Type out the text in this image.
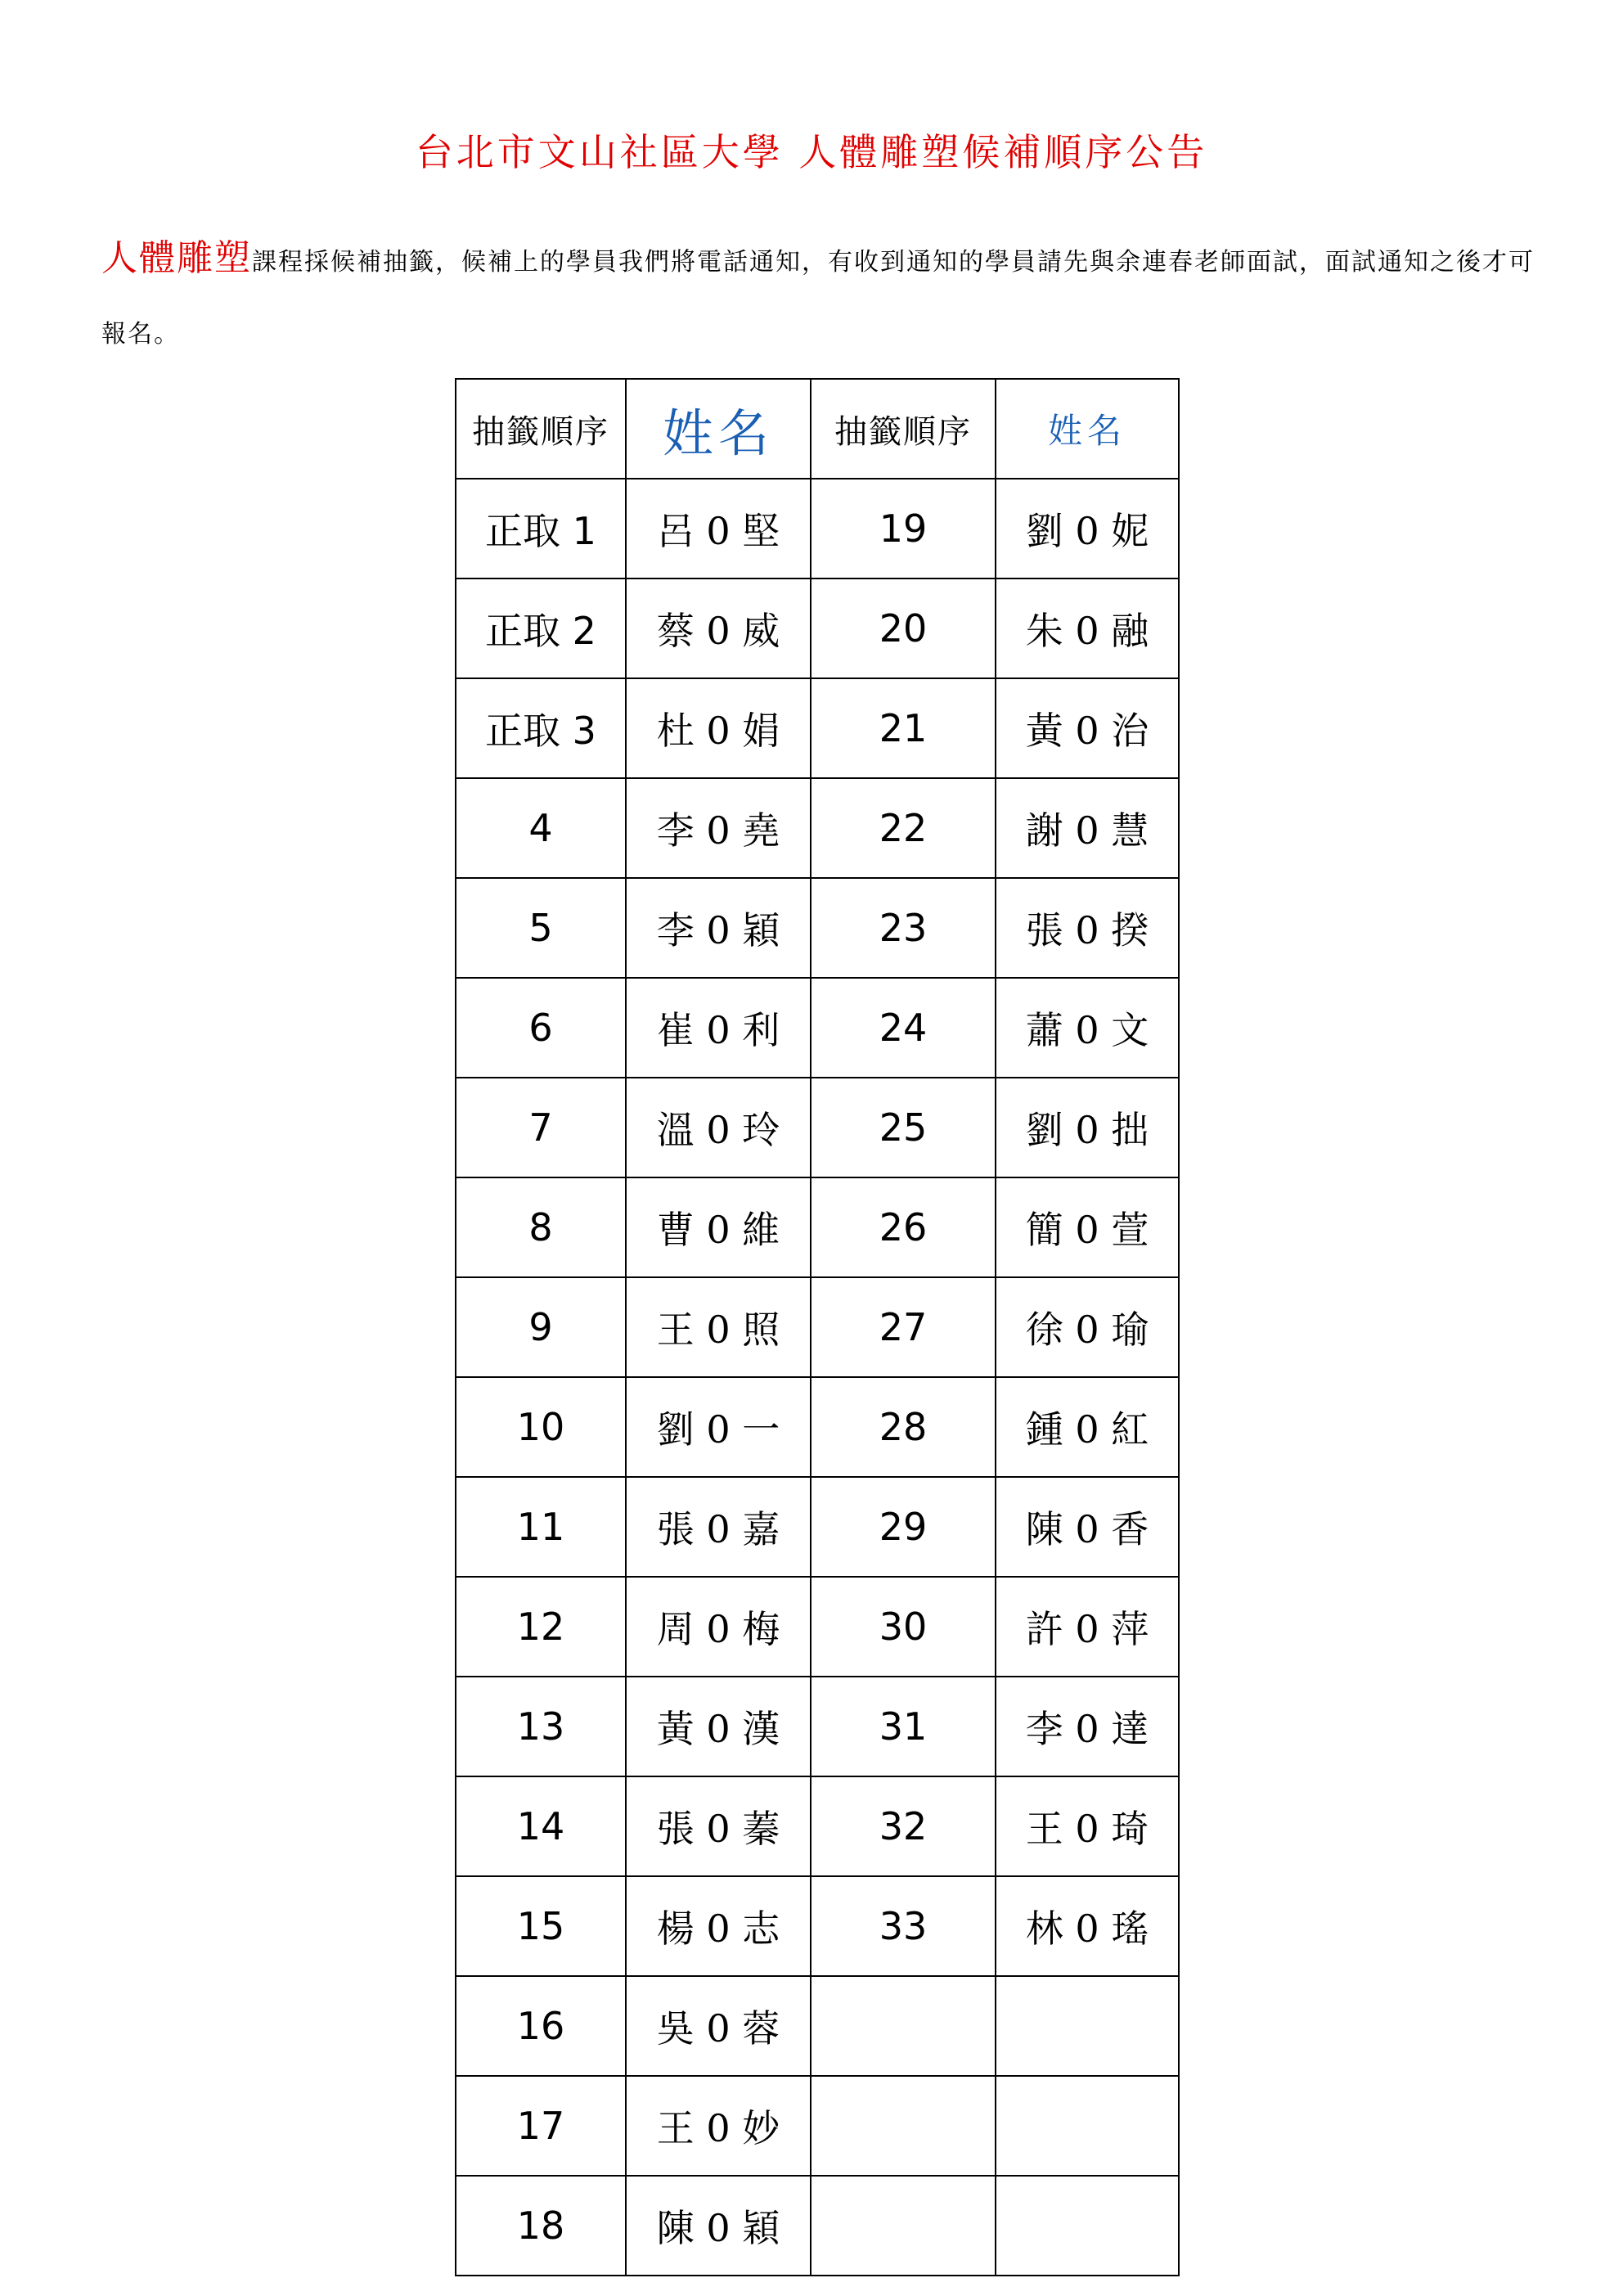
台北市文山社區大學 人體雕塑候補順序公告
人體雕塑課程採候補抽籤，候補上的學員我們將電話通知，有收到通知的學員請先與余連春老師面試，面試通知之後才可報名。
抽籤順序	姓名	抽籤順序	姓名
正取 1	呂 0 堅	19	劉 0 妮
正取 2	蔡 0 威	20	朱 0 融
正取 3	杜 0 娟	21	黃 0 治
4	李 0 堯	22	謝 0 慧
5	李 0 穎	23	張 0 揆
6	崔 0 利	24	蕭 0 文
7	溫 0 玲	25	劉 0 拙
8	曹 0 維	26	簡 0 萱
9	王 0 照	27	徐 0 瑜
10	劉 0 一	28	鍾 0 紅
11	張 0 嘉	29	陳 0 香
12	周 0 梅	30	許 0 萍
13	黃 0 漢	31	李 0 達
14	張 0 蓁	32	王 0 琦
15	楊 0 志	33	林 0 瑤
16	吳 0 蓉		
17	王 0 妙		
18	陳 0 穎		
